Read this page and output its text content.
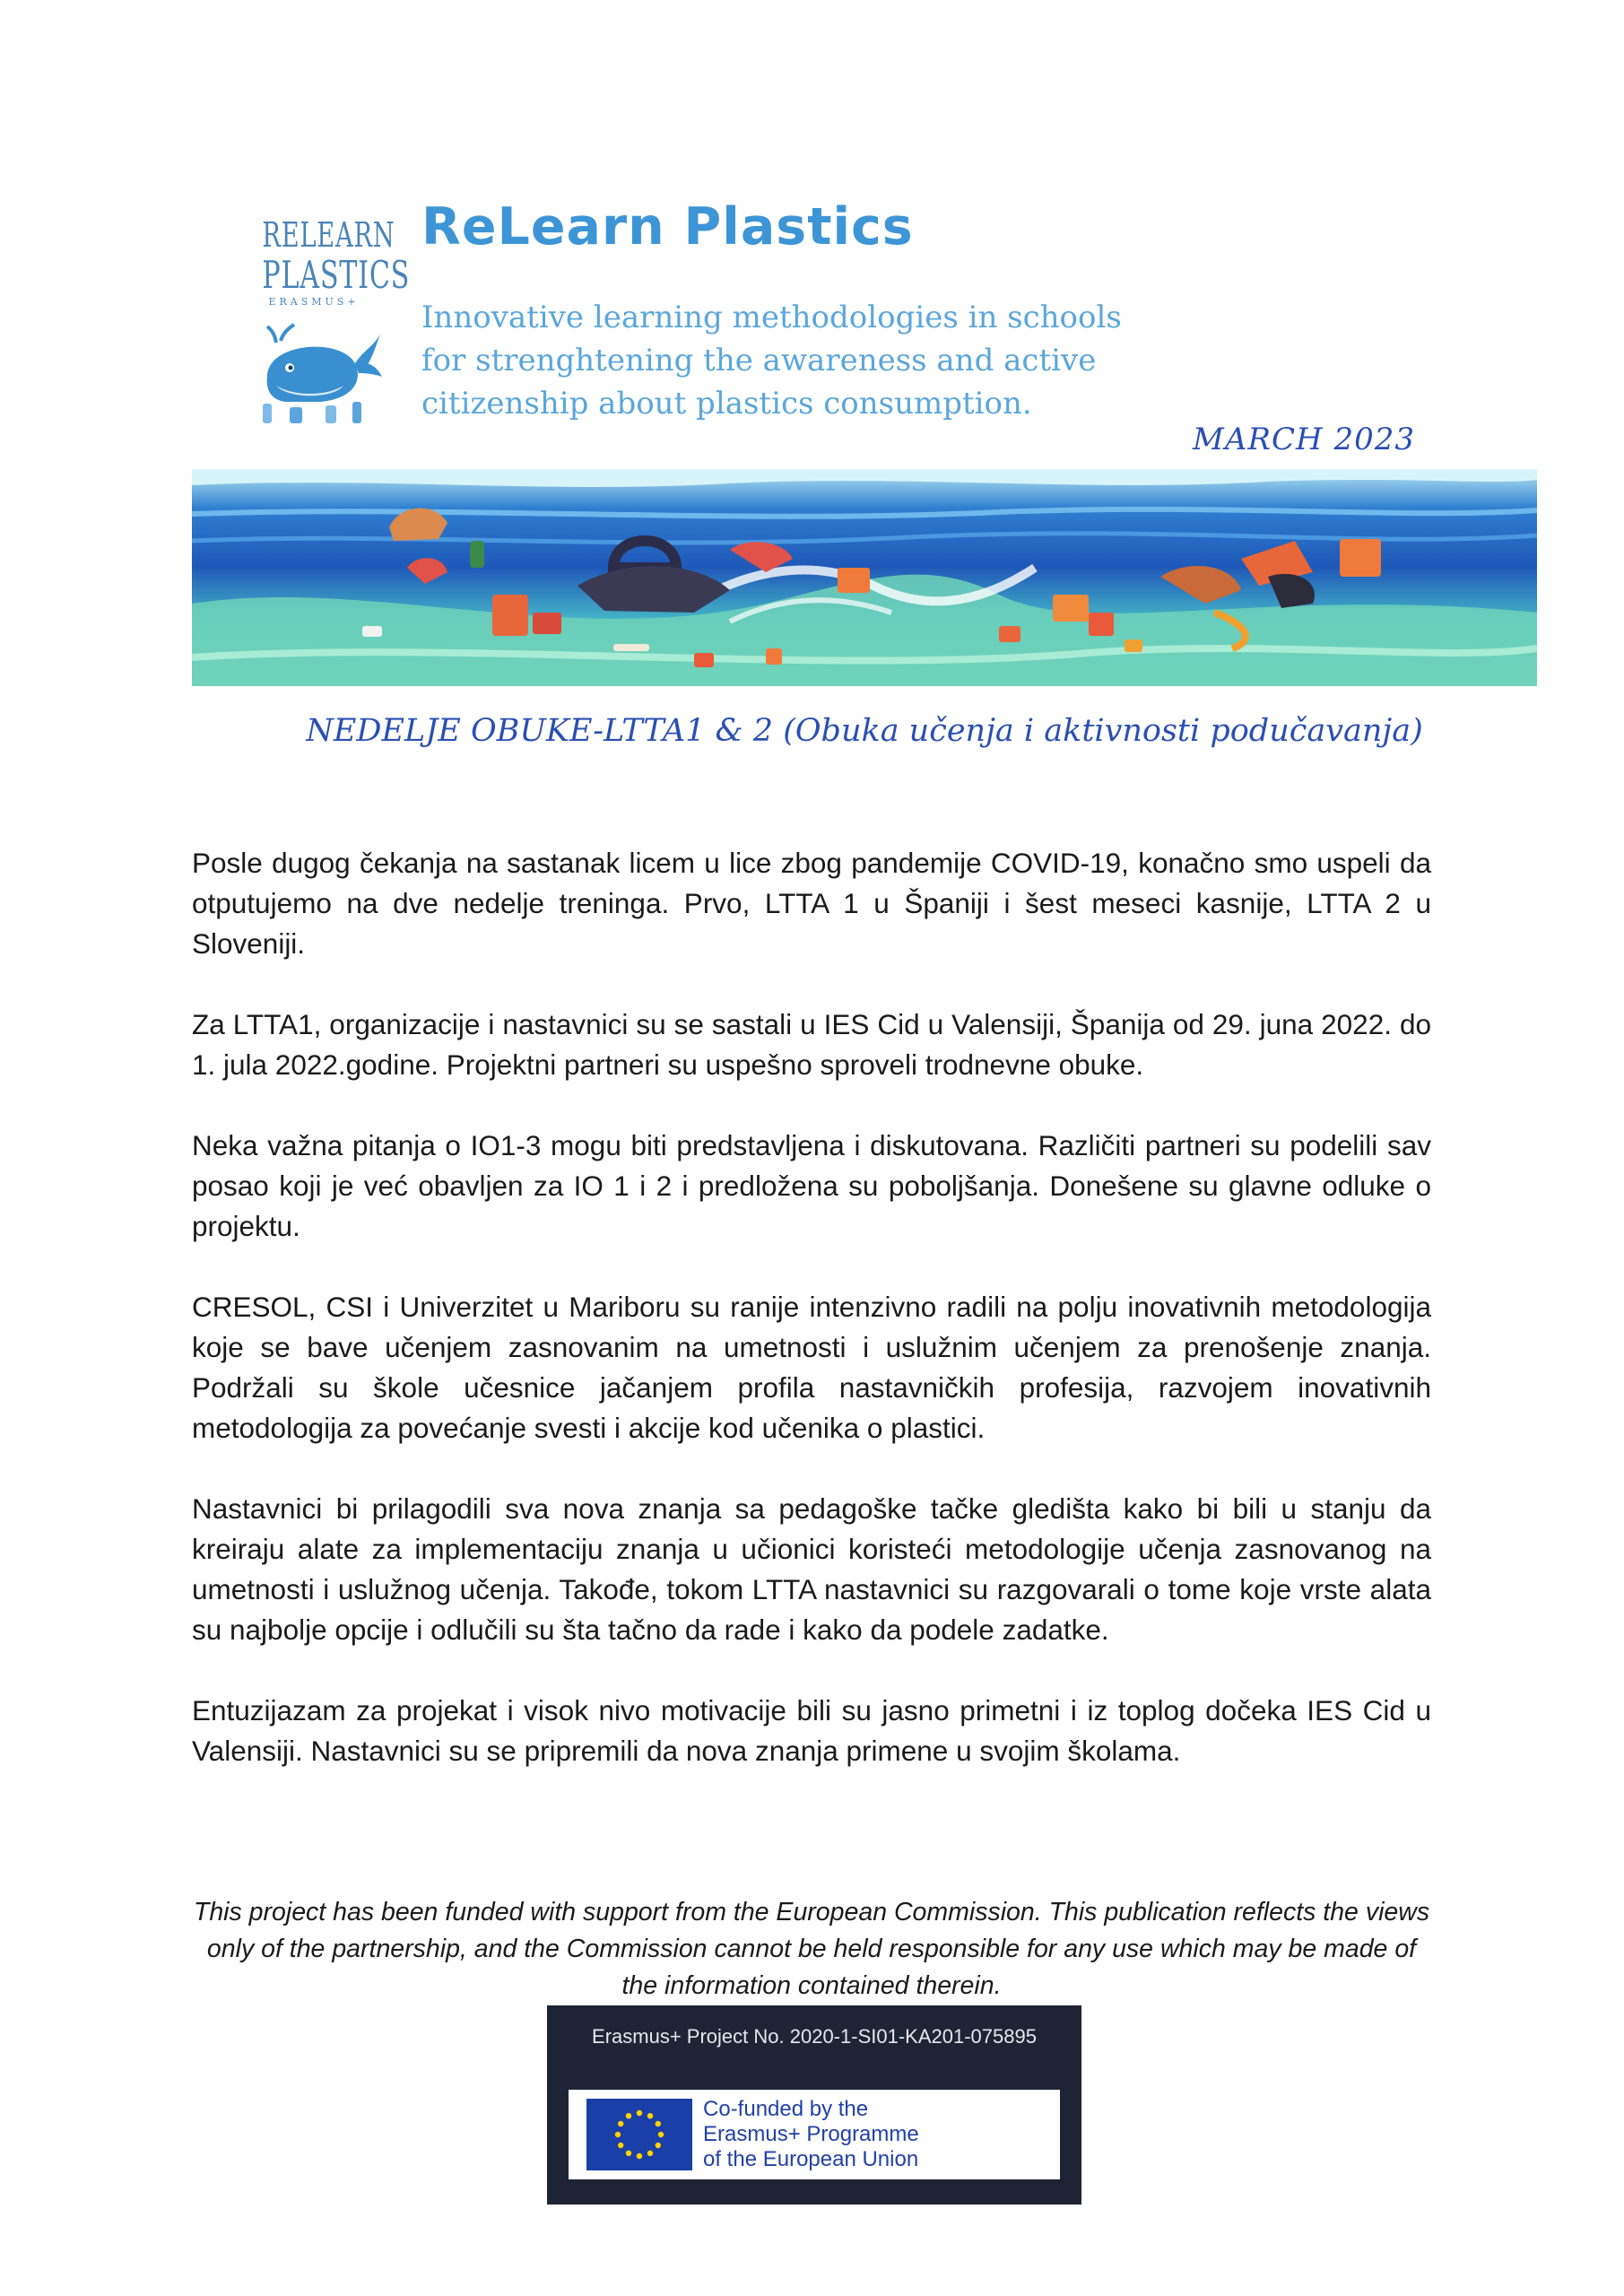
RELEARN
PLASTICS
ERASMUS+
ReLearn Plastics
Innovative learning methodologies in schools
for strenghtening the awareness and active
citizenship about plastics consumption.
MARCH 2023
NEDELJE OBUKE-LTTA1 & 2 (Obuka učenja i aktivnosti podučavanja)

Posle dugog čekanja na sastanak licem u lice zbog pandemije COVID-19, konačno smo uspeli da otputujemo na dve nedelje treninga. Prvo, LTTA 1 u Španiji i šest meseci kasnije, LTTA 2 u Sloveniji.

Za LTTA1, organizacije i nastavnici su se sastali u IES Cid u Valensiji, Španija od 29. juna 2022. do 1. jula 2022.godine. Projektni partneri su uspešno sproveli trodnevne obuke.

Neka važna pitanja o IO1-3 mogu biti predstavljena i diskutovana. Različiti partneri su podelili sav posao koji je već obavljen za IO 1 i 2 i predložena su poboljšanja. Donešene su glavne odluke o projektu.

CRESOL, CSI i Univerzitet u Mariboru su ranije intenzivno radili na polju inovativnih metodologija koje se bave učenjem zasnovanim na umetnosti i uslužnim učenjem za prenošenje znanja. Podržali su škole učesnice jačanjem profila nastavničkih profesija, razvojem inovativnih metodologija za povećanje svesti i akcije kod učenika o plastici.

Nastavnici bi prilagodili sva nova znanja sa pedagoške tačke gledišta kako bi bili u stanju da kreiraju alate za implementaciju znanja u učionici koristeći metodologije učenja zasnovanog na umetnosti i uslužnog učenja. Takođe, tokom LTTA nastavnici su razgovarali o tome koje vrste alata su najbolje opcije i odlučili su šta tačno da rade i kako da podele zadatke.

Entuzijazam za projekat i visok nivo motivacije bili su jasno primetni i iz toplog dočeka IES Cid u Valensiji. Nastavnici su se pripremili da nova znanja primene u svojim školama.

This project has been funded with support from the European Commission. This publication reflects the views only of the partnership, and the Commission cannot be held responsible for any use which may be made of the information contained therein.
Erasmus+ Project No. 2020-1-SI01-KA201-075895
Co-funded by the
Erasmus+ Programme
of the European Union
